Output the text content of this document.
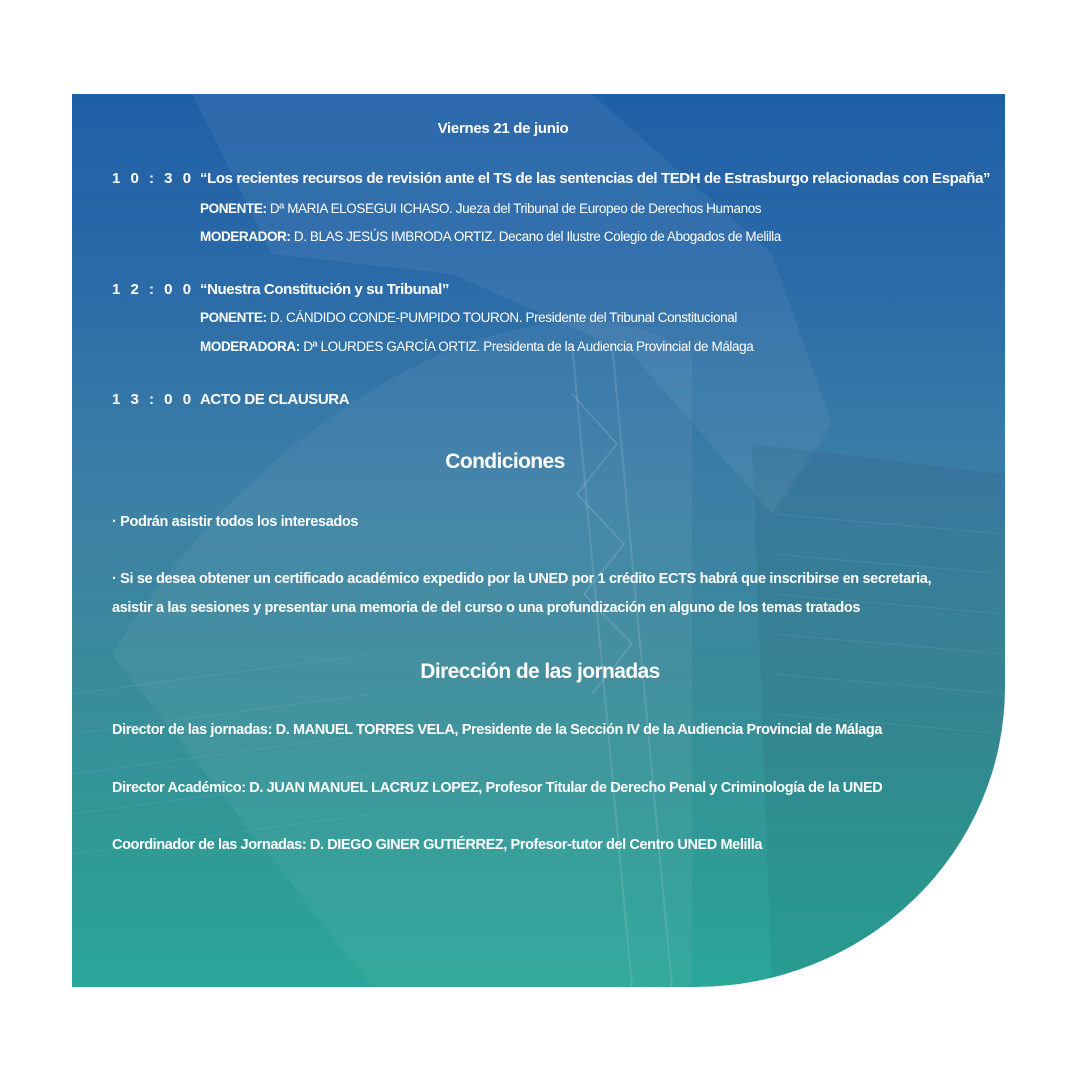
Viernes 21 de junio
1 0 : 3 0 “Los recientes recursos de revisión ante el TS de las sentencias del TEDH de Estrasburgo relacionadas con España”
PONENTE: Dª MARIA ELOSEGUI ICHASO. Jueza del Tribunal de Europeo de Derechos Humanos
MODERADOR: D. BLAS JESÚS IMBRODA ORTIZ. Decano del Ilustre Colegio de Abogados de Melilla
1 2 : 0 0 “Nuestra Constitución y su Tribunal”
PONENTE: D. CÁNDIDO CONDE-PUMPIDO TOURON. Presidente del Tribunal Constitucional
MODERADORA: Dª LOURDES GARCÍA ORTIZ. Presidenta de la Audiencia Provincial de Málaga
1 3 : 0 0 ACTO DE CLAUSURA
Condiciones
· Podrán asistir todos los interesados
· Si se desea obtener un certificado académico expedido por la UNED por 1 crédito ECTS habrá que inscribirse en secretaria,
asistir a las sesiones y presentar una memoria de del curso o una profundización en alguno de los temas tratados
Dirección de las jornadas
Director de las jornadas: D. MANUEL TORRES VELA, Presidente de la Sección IV de la Audiencia Provincial de Málaga
Director Académico: D. JUAN MANUEL LACRUZ LOPEZ, Profesor Titular de Derecho Penal y Criminología de la UNED
Coordinador de las Jornadas: D. DIEGO GINER GUTIÉRREZ, Profesor-tutor del Centro UNED Melilla
